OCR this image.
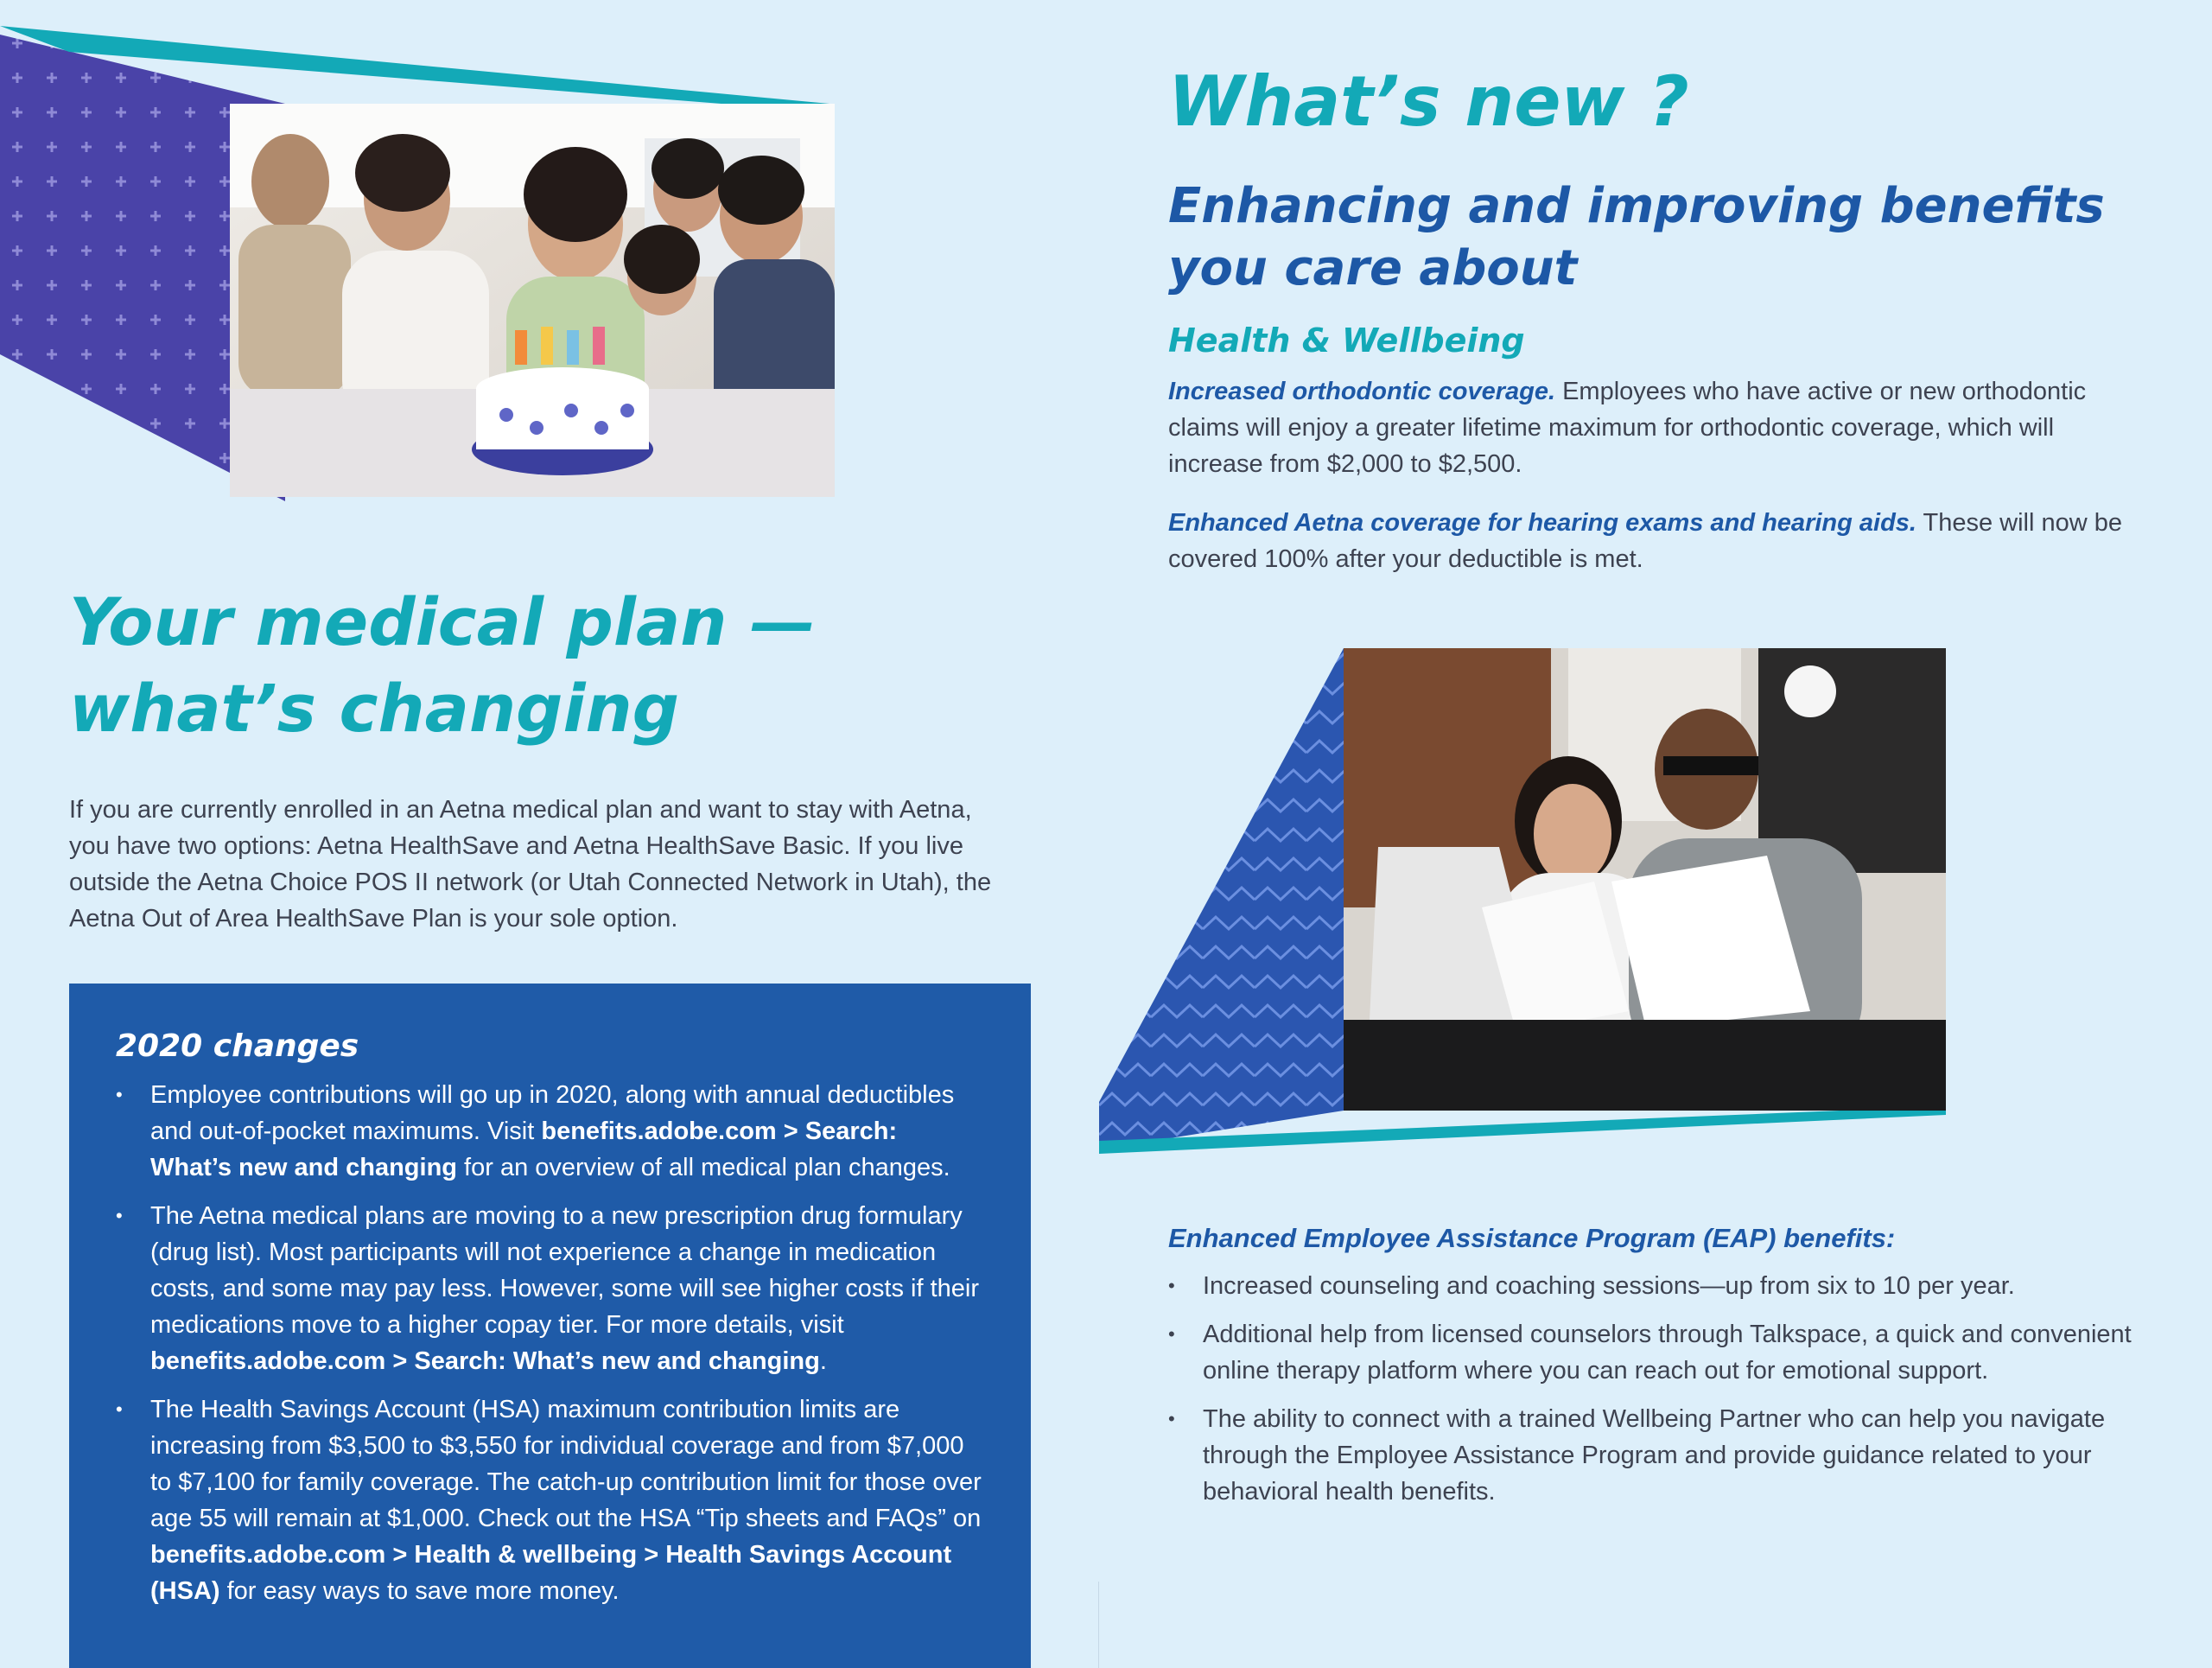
Your medical plan —
what’s changing
If you are currently enrolled in an Aetna medical plan and want to stay with Aetna, you have two options: Aetna HealthSave and Aetna HealthSave Basic. If you live outside the Aetna Choice POS II network (or Utah Connected Network in Utah), the Aetna Out of Area HealthSave Plan is your sole option.
2020 changes
• Employee contributions will go up in 2020, along with annual deductibles and out-of-pocket maximums. Visit benefits.adobe.com > Search: What’s new and changing for an overview of all medical plan changes.
• The Aetna medical plans are moving to a new prescription drug formulary (drug list). Most participants will not experience a change in medication costs, and some may pay less. However, some will see higher costs if their medications move to a higher copay tier. For more details, visit benefits.adobe.com > Search: What’s new and changing.
• The Health Savings Account (HSA) maximum contribution limits are increasing from $3,500 to $3,550 for individual coverage and from $7,000 to $7,100 for family coverage. The catch-up contribution limit for those over age 55 will remain at $1,000. Check out the HSA “Tip sheets and FAQs” on benefits.adobe.com > Health & wellbeing > Health Savings Account (HSA) for easy ways to save more money.
What’s new ?
Enhancing and improving benefits
you care about
Health & Wellbeing
Increased orthodontic coverage. Employees who have active or new orthodontic claims will enjoy a greater lifetime maximum for orthodontic coverage, which will increase from $2,000 to $2,500.
Enhanced Aetna coverage for hearing exams and hearing aids. These will now be covered 100% after your deductible is met.
Enhanced Employee Assistance Program (EAP) benefits:
• Increased counseling and coaching sessions—up from six to 10 per year.
• Additional help from licensed counselors through Talkspace, a quick and convenient online therapy platform where you can reach out for emotional support.
• The ability to connect with a trained Wellbeing Partner who can help you navigate through the Employee Assistance Program and provide guidance related to your behavioral health benefits.
